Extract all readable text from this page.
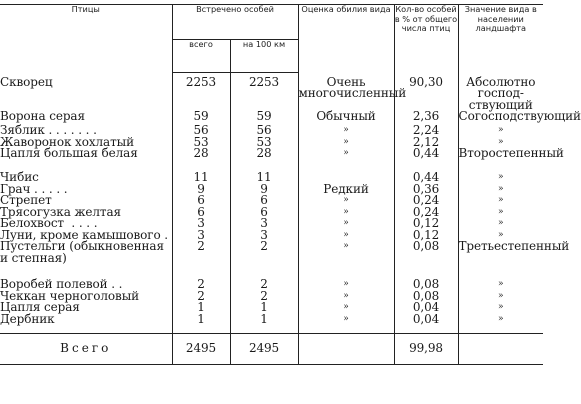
Птицы	Встречено особей		Оценка обилия вида	Кол-во особей в % от общего числа птиц	Значение вида в населении ландшафта
	всего	на 100 км			
Скворец	2253	2253	Очень многочисленный	90,30	Абсолютно господ-ствующий
Ворона серая	59	59	Обычный	2,36	Согосподствующий
Зяблик . . . . . . .	56	56	»	2,24	»
Жаворонок хохлатый	53	53	»	2,12	»
Цапля большая белая	28	28	»	0,44	Второстепенный
Чибис	11	11		0,44	»
Грач . . . . .	9	9	Редкий	0,36	»
Стрепет	6	6	»	0,24	»
Трясогузка желтая	6	6	»	0,24	»
Белохвост  . . . .	3	3	»	0,12	»
Луни, кроме камышового .	3	3	»	0,12	»
Пустельги (обыкновенная и степная)	2	2	»	0,08	Третьестепенный
Воробей полевой . .	2	2	»	0,08	»
Чеккан черноголовый	2	2	»	0,08	»
Цапля серая	1	1	»	0,04	»
Дербник	1	1	»	0,04	»

Всего	2495	2495		99,98	
